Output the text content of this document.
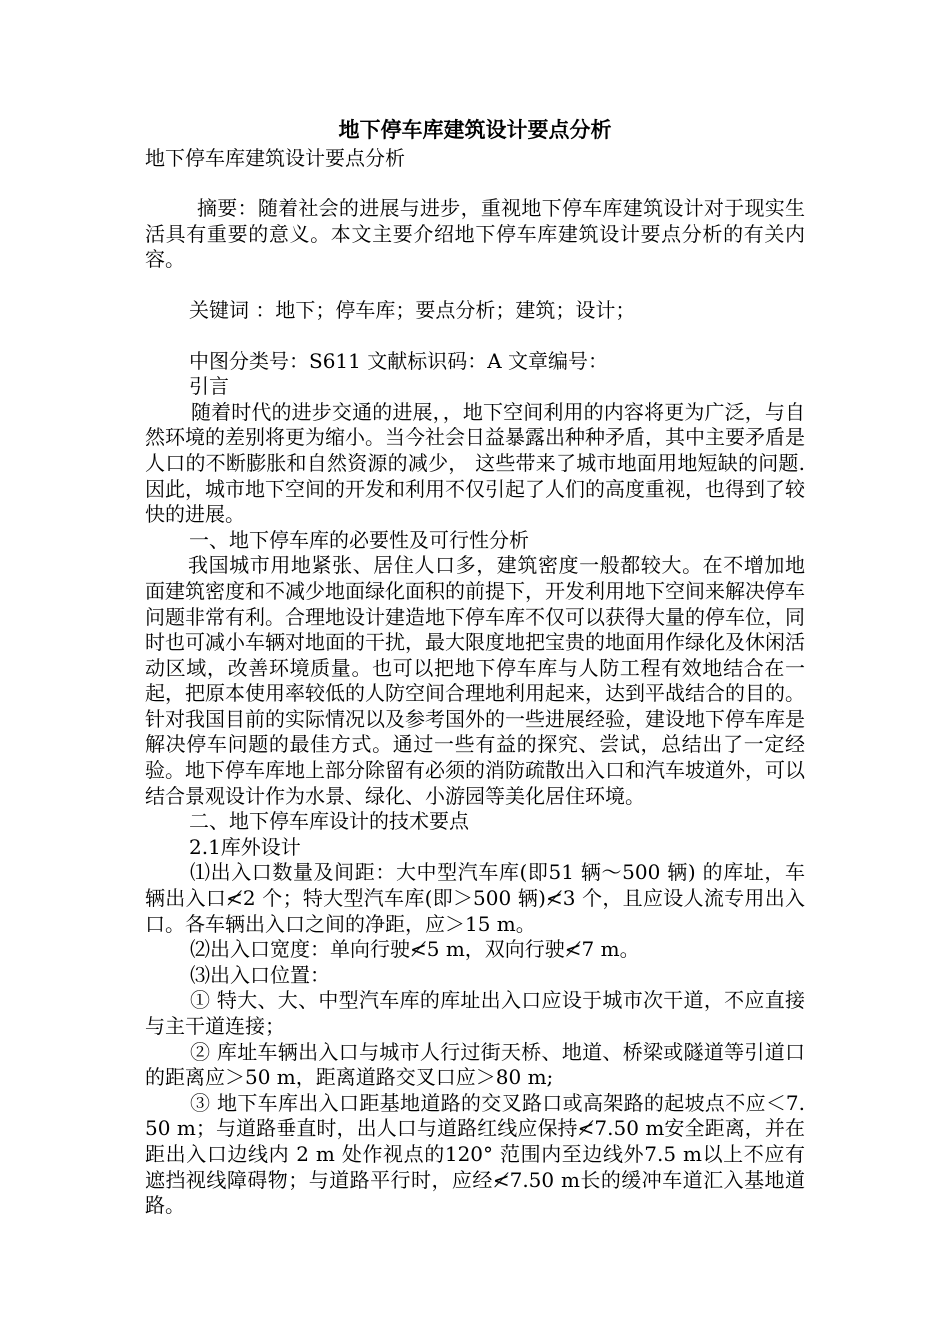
地下停车库建筑设计要点分析

地下停车库建筑设计要点分析

摘要：随着社会的进展与进步，重视地下停车库建筑设计对于现实生活具有重要的意义。本文主要介绍地下停车库建筑设计要点分析的有关内容。

关键词 ：地下；停车库；要点分析；建筑；设计；

中图分类号：S611 文献标识码：A 文章编号：

引言

随着时代的进步交通的进展，，地下空间利用的内容将更为广泛，与自然环境的差别将更为缩小。当今社会日益暴露出种种矛盾，其中主要矛盾是人口的不断膨胀和自然资源的减少， 这些带来了城市地面用地短缺的问题.因此，城市地下空间的开发和利用不仅引起了人们的高度重视，也得到了较快的进展。

一、地下停车库的必要性及可行性分析

我国城市用地紧张、居住人口多，建筑密度一般都较大。在不增加地面建筑密度和不减少地面绿化面积的前提下，开发利用地下空间来解决停车问题非常有利。合理地设计建造地下停车库不仅可以获得大量的停车位，同时也可减小车辆对地面的干扰，最大限度地把宝贵的地面用作绿化及休闲活动区域，改善环境质量。也可以把地下停车库与人防工程有效地结合在一起，把原本使用率较低的人防空间合理地利用起来，达到平战结合的目的。针对我国目前的实际情况以及参考国外的一些进展经验，建设地下停车库是解决停车问题的最佳方式。通过一些有益的探究、尝试，总结出了一定经验。地下停车库地上部分除留有必须的消防疏散出入口和汽车坡道外，可以结合景观设计作为水景、绿化、小游园等美化居住环境。

二、地下停车库设计的技术要点

2.1库外设计

⑴出入口数量及间距：大中型汽车库(即51 辆～500 辆) 的库址，车辆出入口≮2 个；特大型汽车库(即＞500 辆)≮3 个，且应设人流专用出入口。各车辆出入口之间的净距，应＞15 m。

⑵出入口宽度：单向行驶≮5 m，双向行驶≮7 m。

⑶出入口位置：

① 特大、大、中型汽车库的库址出入口应设于城市次干道，不应直接与主干道连接；

② 库址车辆出入口与城市人行过街天桥、地道、桥梁或隧道等引道口的距离应＞50 m，距离道路交叉口应＞80 m;

③ 地下车库出入口距基地道路的交叉路口或高架路的起坡点不应＜7.50 m；与道路垂直时，出人口与道路红线应保持≮7.50 m安全距离，并在距出入口边线内 2 m 处作视点的120° 范围内至边线外7.5 m以上不应有遮挡视线障碍物；与道路平行时，应经≮7.50 m长的缓冲车道汇入基地道路。
